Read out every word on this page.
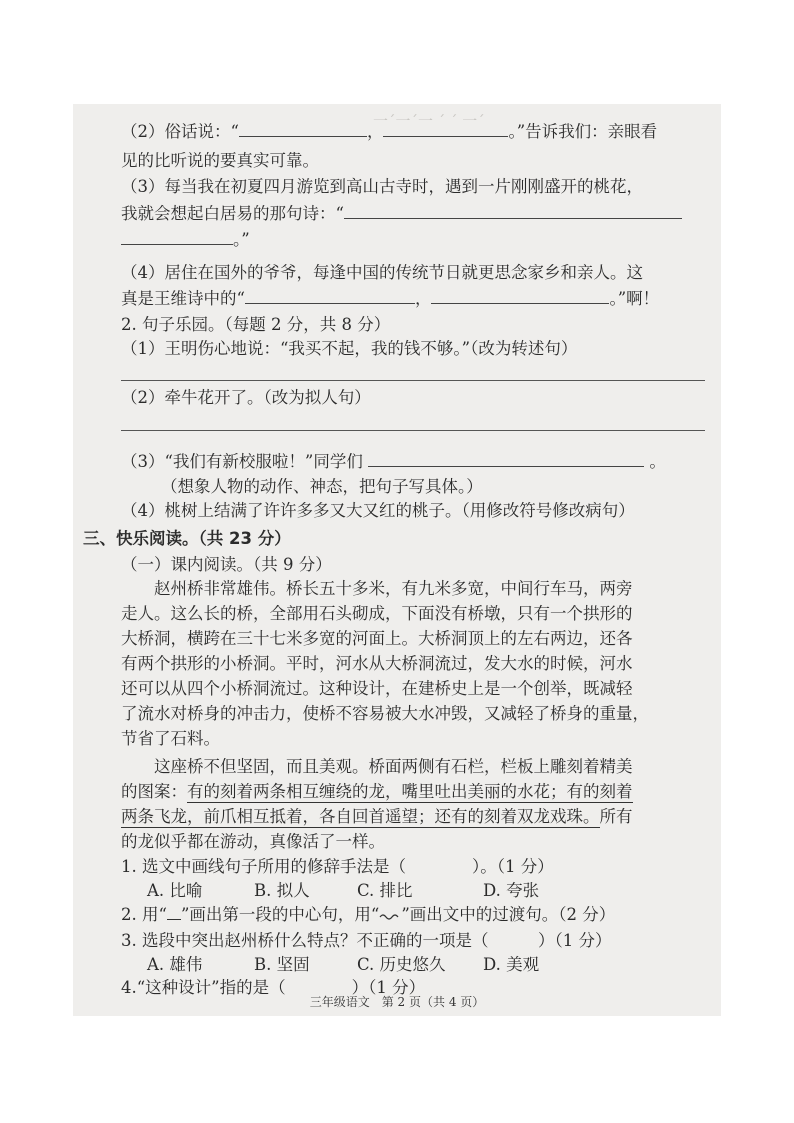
一ˊ一ˊ一 ˊ ˊ 一ˊ
（2）俗话说：“	，	。”告诉我们：亲眼看
见的比听说的要真实可靠。
（3）每当我在初夏四月游览到高山古寺时，遇到一片刚刚盛开的桃花，
我就会想起白居易的那句诗：“
。”
（4）居住在国外的爷爷，每逢中国的传统节日就更思念家乡和亲人。这
真是王维诗中的“	，	。”啊！
2. 句子乐园。（每题 2 分，共 8 分）
（1）王明伤心地说：“我买不起，我的钱不够。”（改为转述句）
（2）牵牛花开了。（改为拟人句）
（3）“我们有新校服啦！”同学们	。
（想象人物的动作、神态，把句子写具体。）
（4）桃树上结满了许许多多又大又红的桃子。（用修改符号修改病句）
三、快乐阅读。（共 23 分）
（一）课内阅读。（共 9 分）
赵州桥非常雄伟。桥长五十多米，有九米多宽，中间行车马，两旁
走人。这么长的桥，全部用石头砌成，下面没有桥墩，只有一个拱形的
大桥洞，横跨在三十七米多宽的河面上。大桥洞顶上的左右两边，还各
有两个拱形的小桥洞。平时，河水从大桥洞流过，发大水的时候，河水
还可以从四个小桥洞流过。这种设计，在建桥史上是一个创举，既减轻
了流水对桥身的冲击力，使桥不容易被大水冲毁，又减轻了桥身的重量，
节省了石料。
这座桥不但坚固，而且美观。桥面两侧有石栏，栏板上雕刻着精美
的图案：有的刻着两条相互缠绕的龙，嘴里吐出美丽的水花；有的刻着
两条飞龙，前爪相互抵着，各自回首遥望；还有的刻着双龙戏珠。所有
的龙似乎都在游动，真像活了一样。
1. 选文中画线句子所用的修辞手法是（　　　　）。（1 分）
A. 比喻	B. 拟人	C. 排比	D. 夸张
2. 用“ ”画出第一段的中心句，用“ ”画出文中的过渡句。（2 分）
3. 选段中突出赵州桥什么特点？不正确的一项是（　　　）（1 分）
A. 雄伟	B. 坚固	C. 历史悠久 D. 美观
4.“这种设计”指的是（　　　　）（1 分）
三年级语文　第 2 页（共 4 页）
